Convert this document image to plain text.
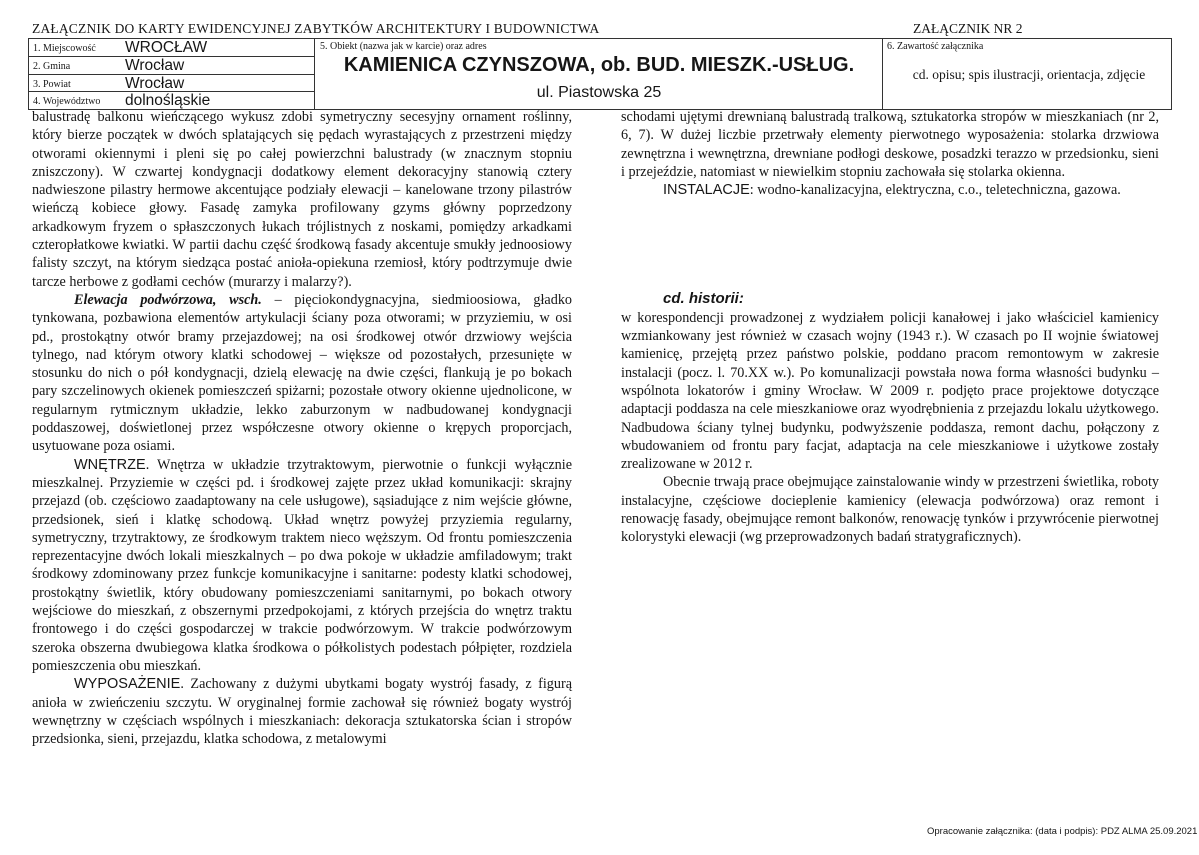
ZAŁĄCZNIK DO KARTY EWIDENCYJNEJ ZABYTKÓW ARCHITEKTURY I BUDOWNICTWA	ZAŁĄCZNIK NR 2
1. Miejscowość WROCŁAW
2. Gmina	Wrocław
3. Powiat	Wrocław
4. Województwo dolnośląskie
5. Obiekt (nazwa jak w karcie) oraz adres
KAMIENICA CZYNSZOWA, ob. BUD. MIESZK.-USŁUG.
ul. Piastowska 25
6. Zawartość załącznika
cd. opisu; spis ilustracji, orientacja, zdjęcie

balustradę balkonu wieńczącego wykusz zdobi symetryczny secesyjny ornament roślinny, który bierze początek w dwóch splatających się pędach wyrastających z przestrzeni między otworami okiennymi i pleni się po całej powierzchni balustrady (w znacznym stopniu zniszczony). W czwartej kondygnacji dodatkowy element dekoracyjny stanowią cztery nadwieszone pilastry hermowe akcentujące podziały elewacji – kanelowane trzony pilastrów wieńczą kobiece głowy. Fasadę zamyka profilowany gzyms główny poprzedzony arkadkowym fryzem o spłaszczonych łukach trójlistnych z noskami, pomiędzy arkadkami czteropłatkowe kwiatki. W partii dachu część środkową fasady akcentuje smukły jednoosiowy falisty szczyt, na którym siedząca postać anioła-opiekuna rzemiosł, który podtrzymuje dwie tarcze herbowe z godłami cechów (murarzy i malarzy?).

Elewacja podwórzowa, wsch. – pięciokondygnacyjna, siedmioosiowa, gładko tynkowana, pozbawiona elementów artykulacji ściany poza otworami; w przyziemiu, w osi pd., prostokątny otwór bramy przejazdowej; na osi środkowej otwór drzwiowy wejścia tylnego, nad którym otwory klatki schodowej – większe od pozostałych, przesunięte w stosunku do nich o pół kondygnacji, dzielą elewację na dwie części, flankują je po bokach pary szczelinowych okienek pomieszczeń spiżarni; pozostałe otwory okienne ujednolicone, w regularnym rytmicznym układzie, lekko zaburzonym w nadbudowanej kondygnacji poddaszowej, doświetlonej przez współczesne otwory okienne o krępych proporcjach, usytuowane poza osiami.

WNĘTRZE. Wnętrza w układzie trzytraktowym, pierwotnie o funkcji wyłącznie mieszkalnej. Przyziemie w części pd. i środkowej zajęte przez układ komunikacji: skrajny przejazd (ob. częściowo zaadaptowany na cele usługowe), sąsiadujące z nim wejście główne, przedsionek, sień i klatkę schodową. Układ wnętrz powyżej przyziemia regularny, symetryczny, trzytraktowy, ze środkowym traktem nieco węższym. Od frontu pomieszczenia reprezentacyjne dwóch lokali mieszkalnych – po dwa pokoje w układzie amfiladowym; trakt środkowy zdominowany przez funkcje komunikacyjne i sanitarne: podesty klatki schodowej, prostokątny świetlik, który obudowany pomieszczeniami sanitarnymi, po bokach otwory wejściowe do mieszkań, z obszernymi przedpokojami, z których przejścia do wnętrz traktu frontowego i do części gospodarczej w trakcie podwórzowym. W trakcie podwórzowym szeroka obszerna dwubiegowa klatka środkowa o półkolistych podestach półpięter, rozdziela pomieszczenia obu mieszkań.

WYPOSAŻENIE. Zachowany z dużymi ubytkami bogaty wystrój fasady, z figurą anioła w zwieńczeniu szczytu. W oryginalnej formie zachował się również bogaty wystrój wewnętrzny w częściach wspólnych i mieszkaniach: dekoracja sztukatorska ścian i stropów przedsionka, sieni, przejazdu, klatka schodowa, z metalowymi

schodami ujętymi drewnianą balustradą tralkową, sztukatorka stropów w mieszkaniach (nr 2, 6, 7). W dużej liczbie przetrwały elementy pierwotnego wyposażenia: stolarka drzwiowa zewnętrzna i wewnętrzna, drewniane podłogi deskowe, posadzki terazzo w przedsionku, sieni i przejeździe, natomiast w niewielkim stopniu zachowała się stolarka okienna.

INSTALACJE: wodno-kanalizacyjna, elektryczna, c.o., teletechniczna, gazowa.

cd. historii:

w korespondencji prowadzonej z wydziałem policji kanałowej i jako właściciel kamienicy wzmiankowany jest również w czasach wojny (1943 r.). W czasach po II wojnie światowej kamienicę, przejętą przez państwo polskie, poddano pracom remontowym w zakresie instalacji (pocz. l. 70.XX w.). Po komunalizacji powstała nowa forma własności budynku – wspólnota lokatorów i gminy Wrocław. W 2009 r. podjęto prace projektowe dotyczące adaptacji poddasza na cele mieszkaniowe oraz wyodrębnienia z przejazdu lokalu użytkowego. Nadbudowa ściany tylnej budynku, podwyższenie poddasza, remont dachu, połączony z wbudowaniem od frontu pary facjat, adaptacja na cele mieszkaniowe i użytkowe zostały zrealizowane w 2012 r.

Obecnie trwają prace obejmujące zainstalowanie windy w przestrzeni świetlika, roboty instalacyjne, częściowe docieplenie kamienicy (elewacja podwórzowa) oraz remont i renowację fasady, obejmujące remont balkonów, renowację tynków i przywrócenie pierwotnej kolorystyki elewacji (wg przeprowadzonych badań stratygraficznych).

Opracowanie załącznika: (data i podpis): PDZ ALMA 25.09.2021
